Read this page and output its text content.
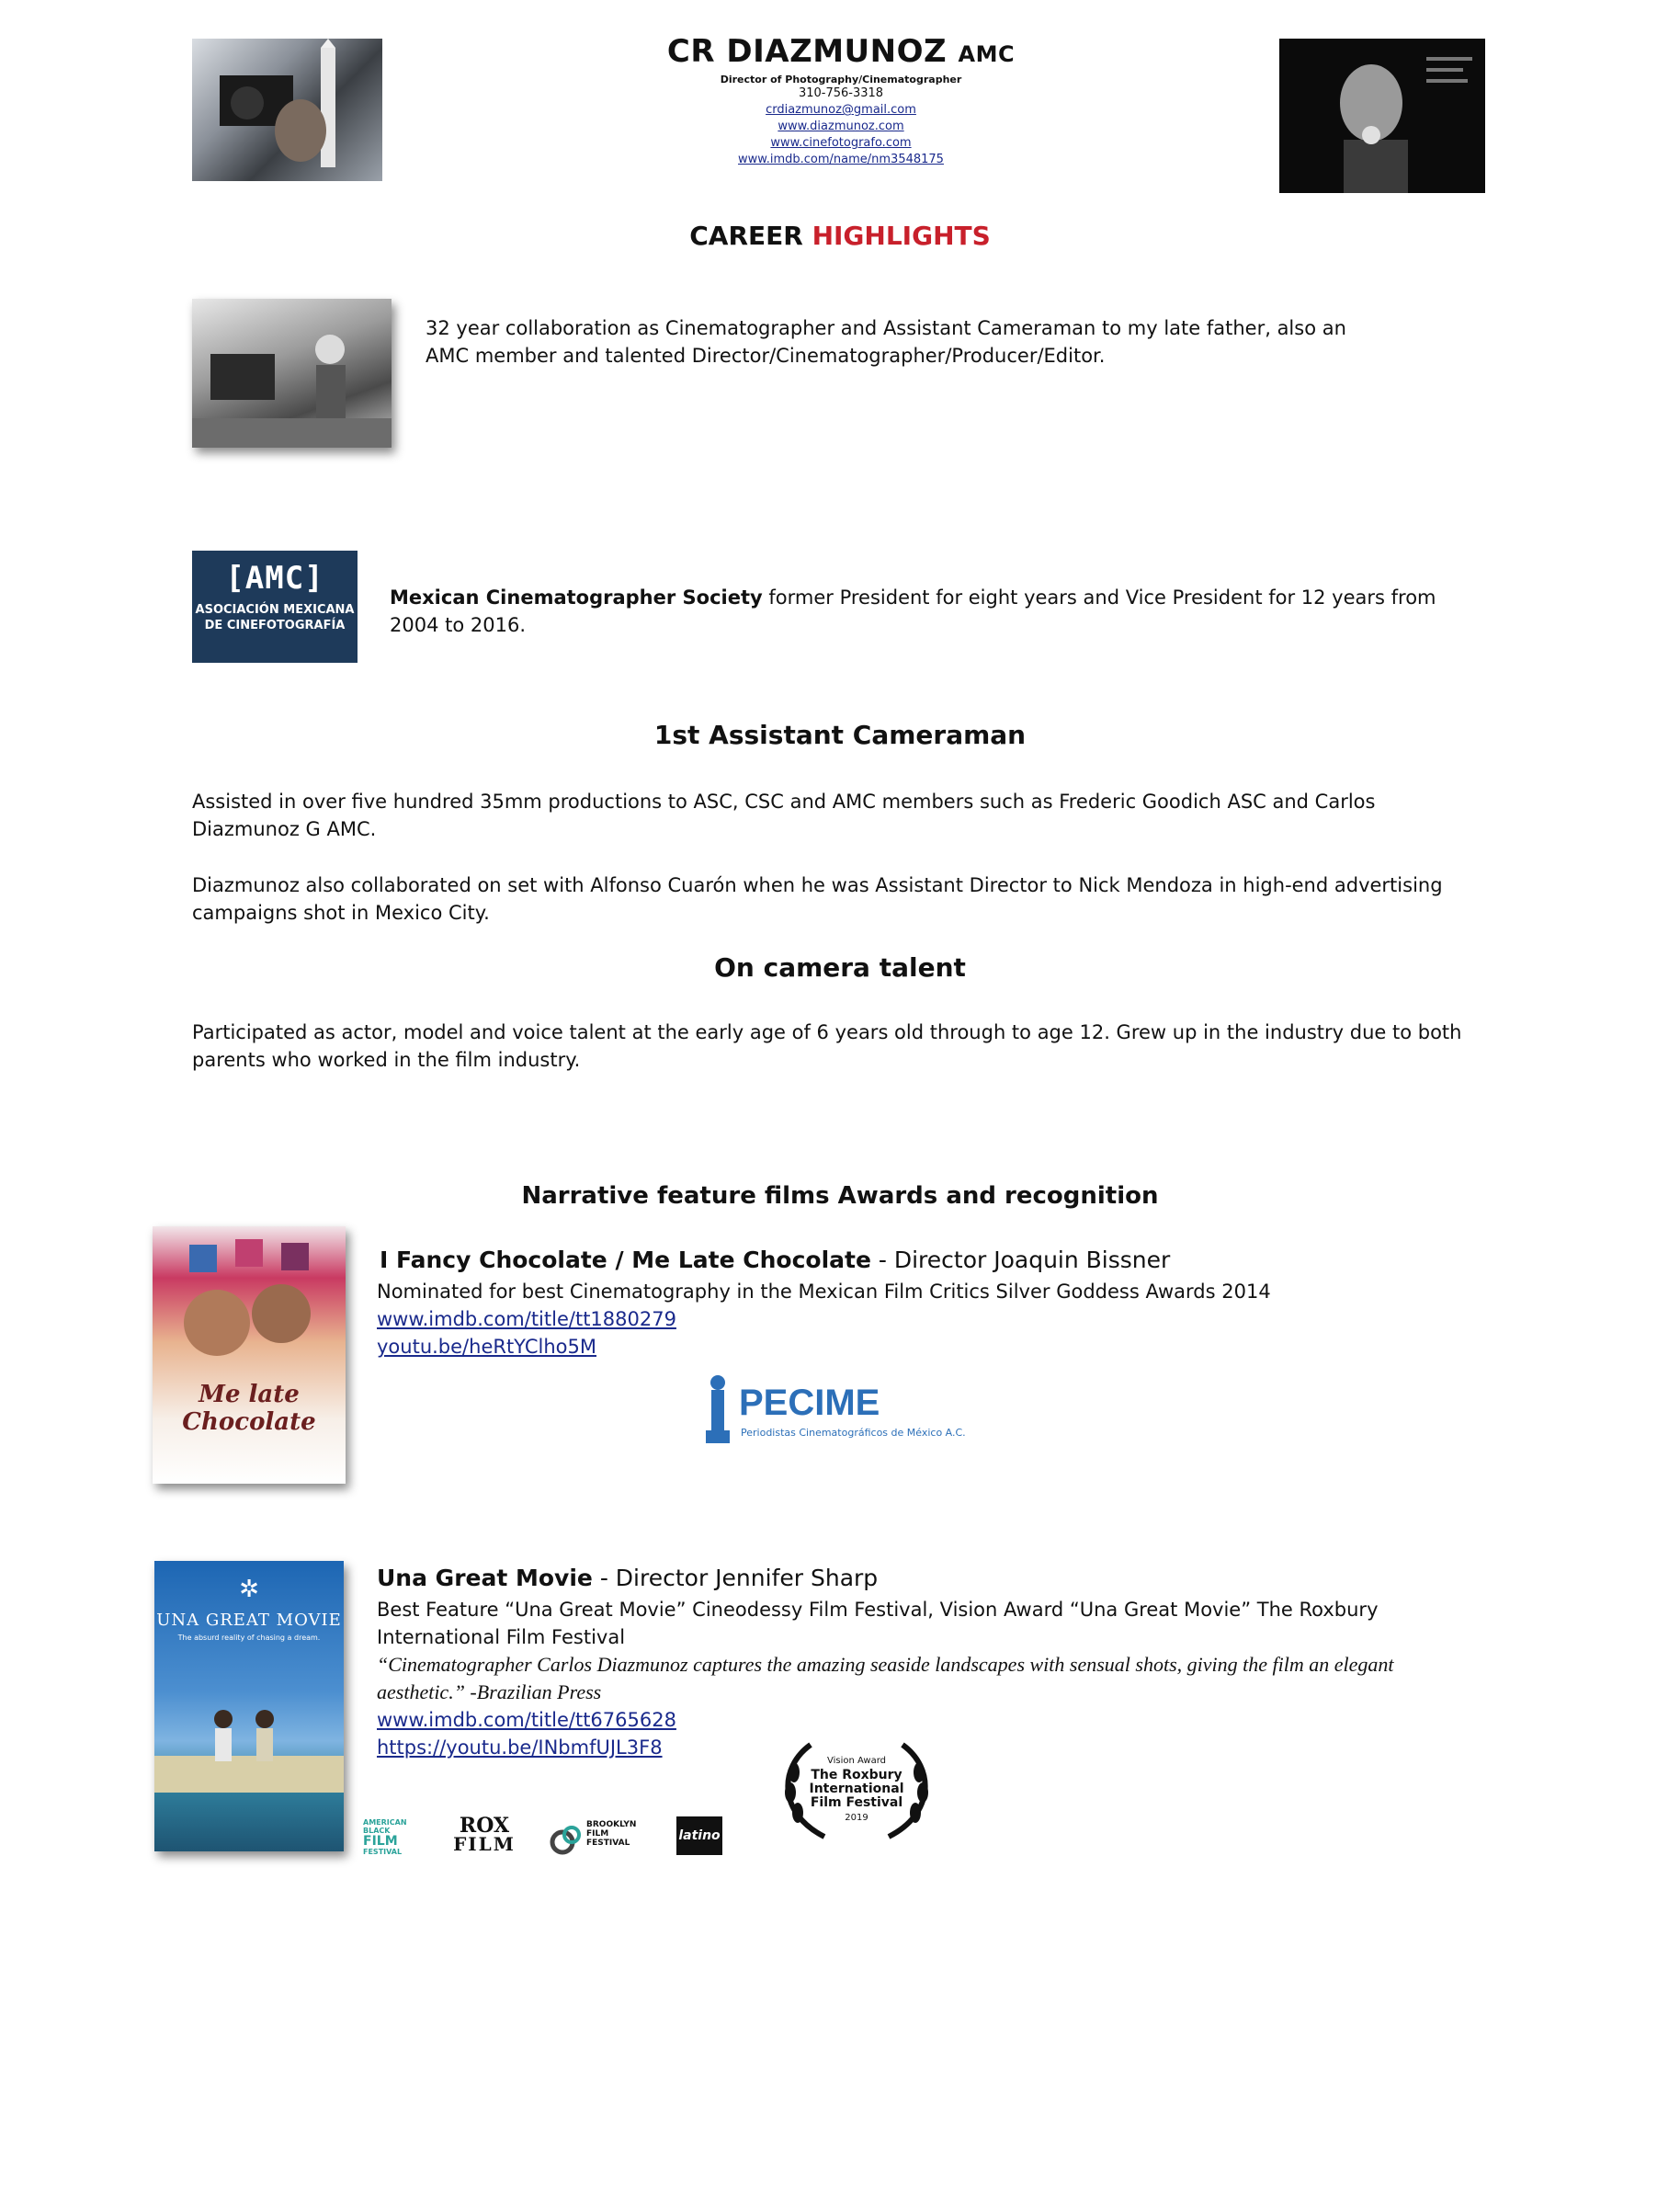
CR DIAZMUNOZ AMC
Director of Photography/Cinematographer
310-756-3318
crdiazmunoz@gmail.com
www.diazmunoz.com
www.cinefotografo.com
www.imdb.com/name/nm3548175
CAREER HIGHLIGHTS
32 year collaboration as Cinematographer and Assistant Cameraman to my late father, also an AMC member and talented Director/Cinematographer/Producer/Editor.
[AMC]
ASOCIACIÓN MEXICANA
DE CINEFOTOGRAFÍA
Mexican Cinematographer Society former President for eight years and Vice President for 12 years from 2004 to 2016.
1st Assistant Cameraman
Assisted in over five hundred 35mm productions to ASC, CSC and AMC members such as Frederic Goodich ASC and Carlos Diazmunoz G AMC.
Diazmunoz also collaborated on set with Alfonso Cuarón when he was Assistant Director to Nick Mendoza in high-end advertising campaigns shot in Mexico City.
On camera talent
Participated as actor, model and voice talent at the early age of 6 years old through to age 12. Grew up in the industry due to both parents who worked in the film industry.
Narrative feature films Awards and recognition
Me late Chocolate
I Fancy Chocolate / Me Late Chocolate - Director Joaquin Bissner
Nominated for best Cinematography in the Mexican Film Critics Silver Goddess Awards 2014
www.imdb.com/title/tt1880279
youtu.be/heRtYClho5M
PECIME
Periodistas Cinematográficos de México A.C.
✲
UNA GREAT MOVIE
The absurd reality of chasing a dream.
Una Great Movie - Director Jennifer Sharp
Best Feature “Una Great Movie” Cineodessy Film Festival, Vision Award “Una Great Movie” The Roxbury International Film Festival
“Cinematographer Carlos Diazmunoz captures the amazing seaside landscapes with sensual shots, giving the film an elegant aesthetic.” -Brazilian Press
www.imdb.com/title/tt6765628
https://youtu.be/INbmfUJL3F8
Vision Award
The Roxbury
International
Film Festival
2019
AMERICAN
BLACK
FILM
FESTIVAL
ROX
FILM
BROOKLYN
FILM
FESTIVAL	latino
